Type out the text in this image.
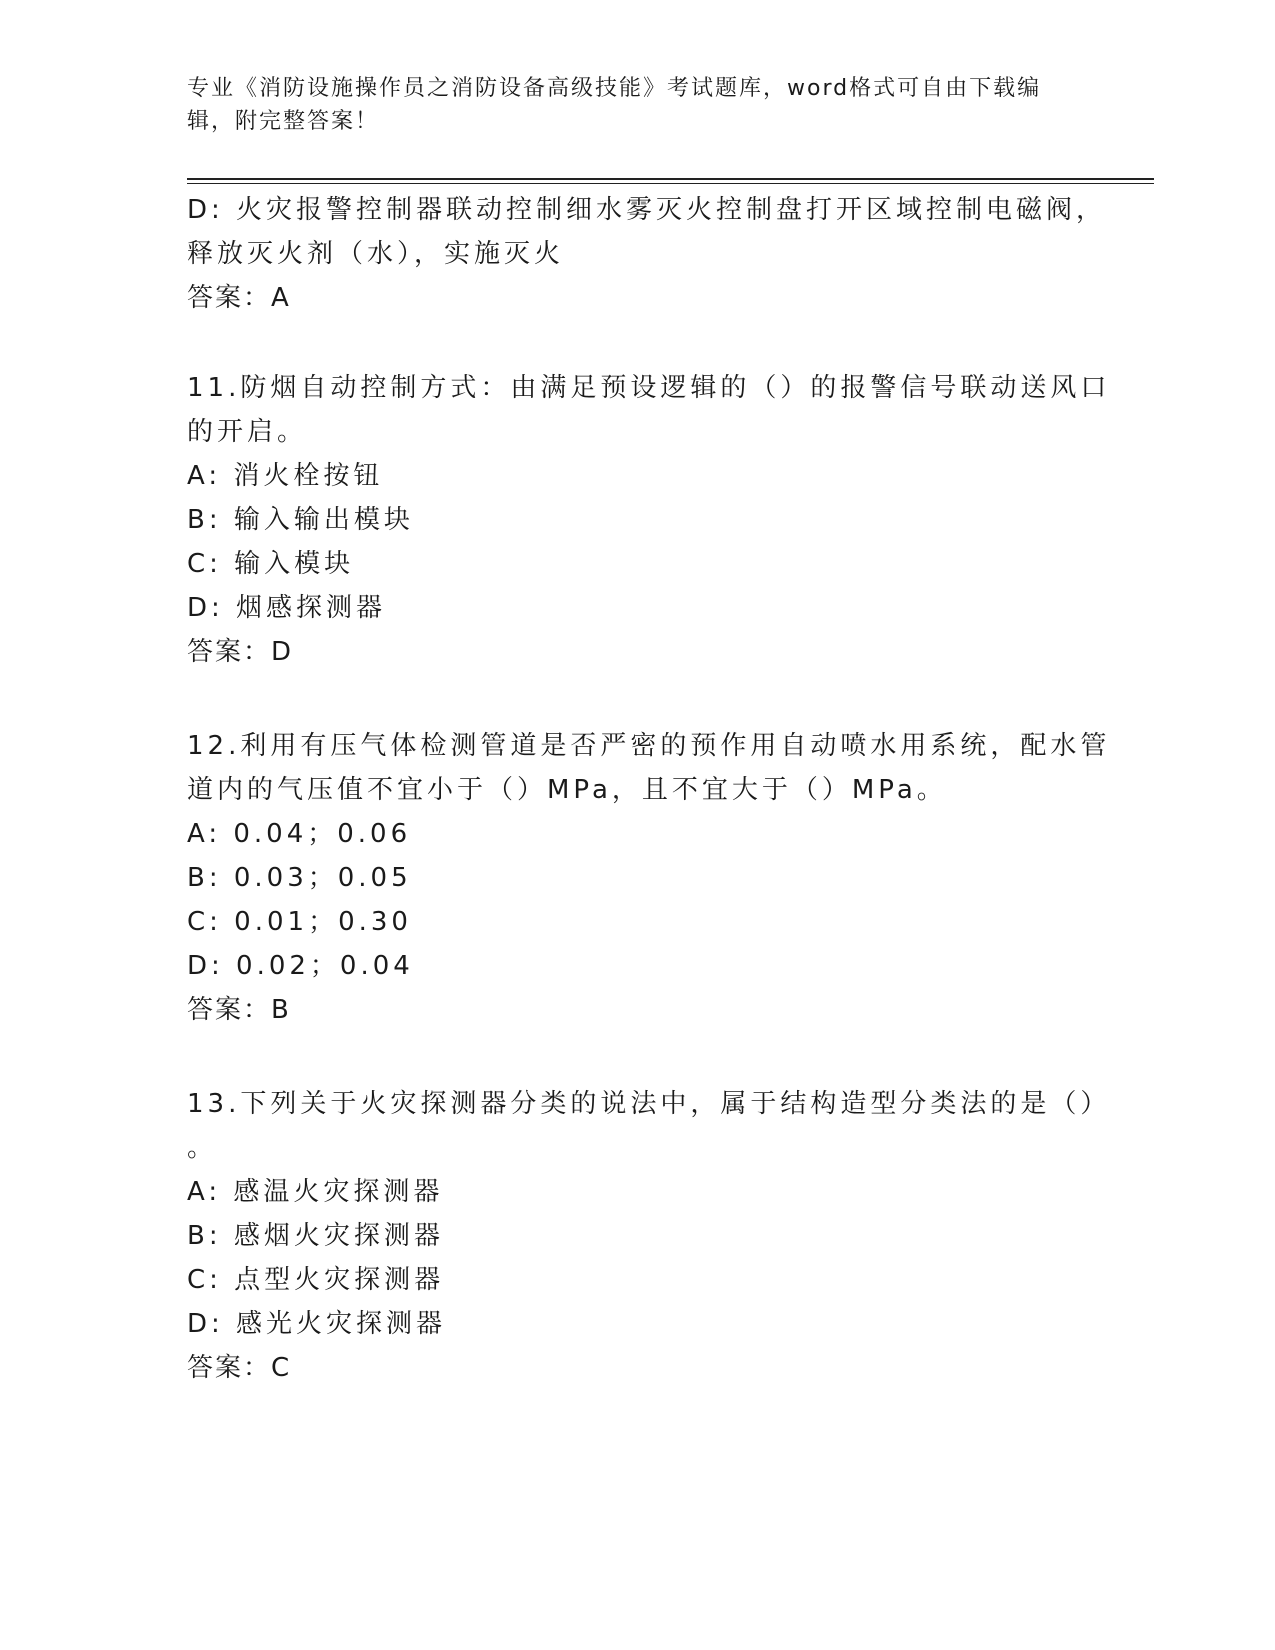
专业《消防设施操作员之消防设备高级技能》考试题库，word格式可自由下载编
辑，附完整答案！
D: 火灾报警控制器联动控制细水雾灭火控制盘打开区域控制电磁阀，
释放灭火剂（水），实施灭火
答案：A
11.防烟自动控制方式：由满足预设逻辑的（）的报警信号联动送风口
的开启。
A: 消火栓按钮
B: 输入输出模块
C: 输入模块
D: 烟感探测器
答案：D
12.利用有压气体检测管道是否严密的预作用自动喷水用系统，配水管
道内的气压值不宜小于（）MPa，且不宜大于（）MPa。
A: 0.04；0.06
B: 0.03；0.05
C: 0.01；0.30
D: 0.02；0.04
答案：B
13.下列关于火灾探测器分类的说法中，属于结构造型分类法的是（）
。
A: 感温火灾探测器
B: 感烟火灾探测器
C: 点型火灾探测器
D: 感光火灾探测器
答案：C
